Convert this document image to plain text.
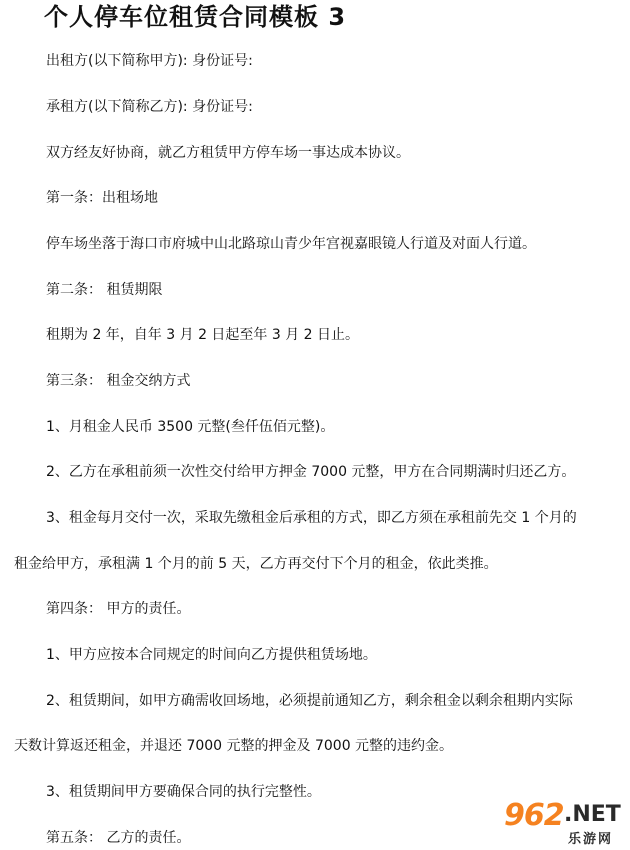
个人停车位租赁合同模板 3
出租方(以下简称甲方): 身份证号:
承租方(以下简称乙方): 身份证号:
双方经友好协商，就乙方租赁甲方停车场一事达成本协议。
第一条：出租场地
停车场坐落于海口市府城中山北路琼山青少年宫视嘉眼镜人行道及对面人行道。
第二条： 租赁期限
租期为 2 年，自年 3 月 2 日起至年 3 月 2 日止。
第三条： 租金交纳方式
1、月租金人民币 3500 元整(叁仟伍佰元整)。
2、乙方在承租前须一次性交付给甲方押金 7000 元整，甲方在合同期满时归还乙方。
3、租金每月交付一次，采取先缴租金后承租的方式，即乙方须在承租前先交 1 个月的
租金给甲方，承租满 1 个月的前 5 天，乙方再交付下个月的租金，依此类推。
第四条： 甲方的责任。
1、甲方应按本合同规定的时间向乙方提供租赁场地。
2、租赁期间，如甲方确需收回场地，必须提前通知乙方，剩余租金以剩余租期内实际
天数计算返还租金，并退还 7000 元整的押金及 7000 元整的违约金。
3、租赁期间甲方要确保合同的执行完整性。
第五条： 乙方的责任。
962 .NET
乐游网
